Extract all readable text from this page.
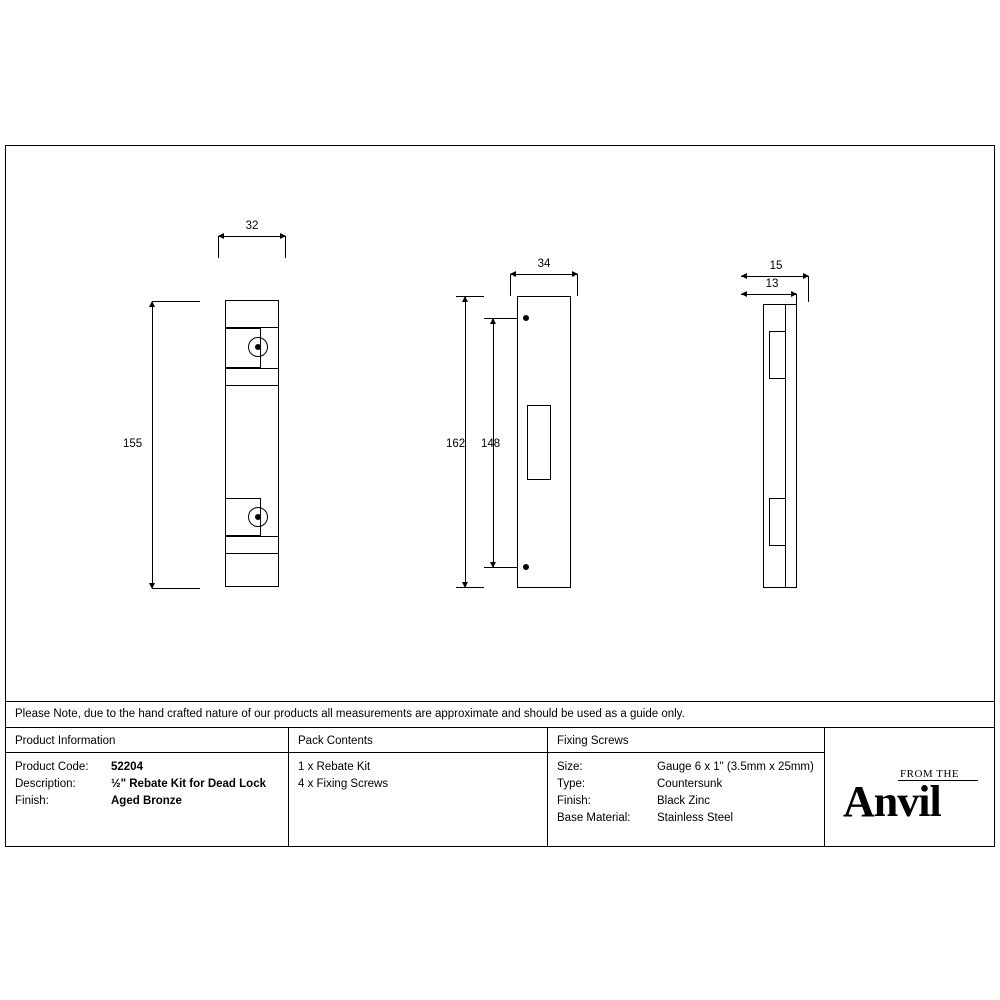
32
155
34
148
162
15
13
Please Note, due to the hand crafted nature of our products all measurements are approximate and should be used as a guide only.
Product Information
Product Code: 52204
Description:	½" Rebate Kit for Dead Lock
Finish:	Aged Bronze
Pack Contents
1 x Rebate Kit
4 x Fixing Screws
Fixing Screws
Size:	Gauge 6 x 1" (3.5mm x 25mm)
Type:	Countersunk
Finish:	Black Zinc
Base Material: Stainless Steel
FROM THE
Anvil
